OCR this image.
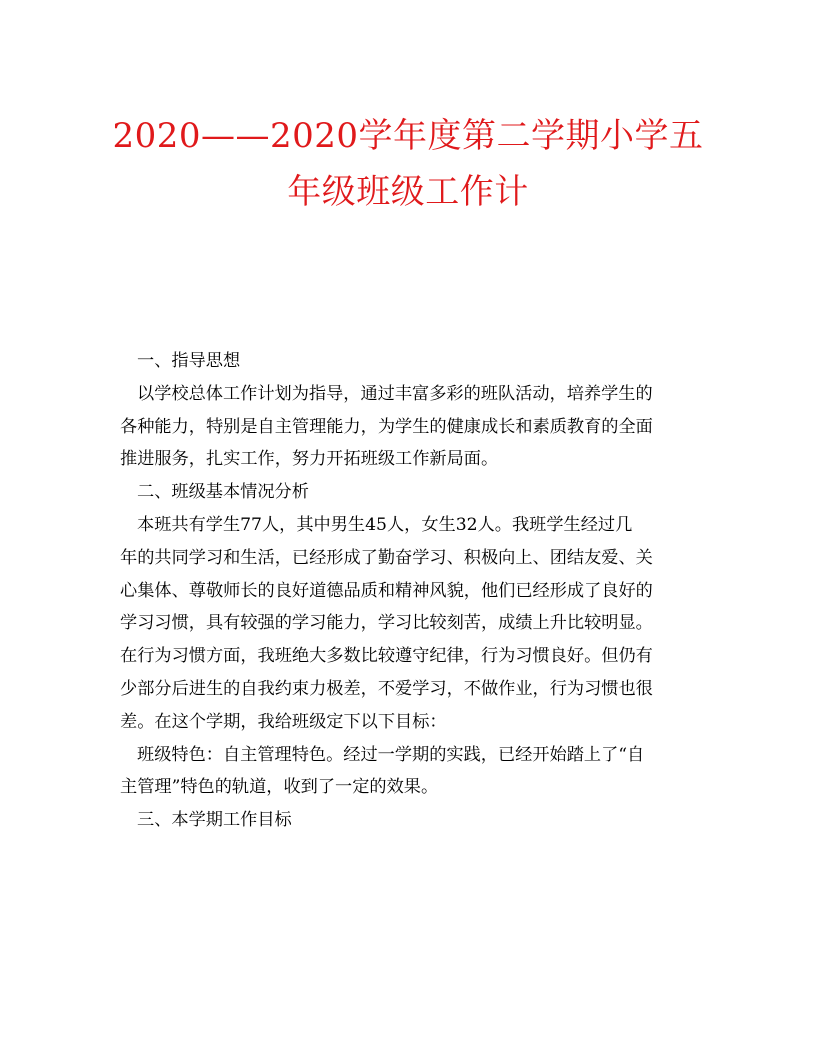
2020——2020学年度第二学期小学五
年级班级工作计
一、指导思想
以学校总体工作计划为指导，通过丰富多彩的班队活动，培养学生的
各种能力，特别是自主管理能力，为学生的健康成长和素质教育的全面
推进服务，扎实工作，努力开拓班级工作新局面。
二、班级基本情况分析
本班共有学生77人，其中男生45人，女生32人。我班学生经过几
年的共同学习和生活，已经形成了勤奋学习、积极向上、团结友爱、关
心集体、尊敬师长的良好道德品质和精神风貌，他们已经形成了良好的
学习习惯，具有较强的学习能力，学习比较刻苦，成绩上升比较明显。
在行为习惯方面，我班绝大多数比较遵守纪律，行为习惯良好。但仍有
少部分后进生的自我约束力极差，不爱学习，不做作业，行为习惯也很
差。在这个学期，我给班级定下以下目标：
班级特色：自主管理特色。经过一学期的实践，已经开始踏上了“自
主管理”特色的轨道，收到了一定的效果。
三、本学期工作目标
